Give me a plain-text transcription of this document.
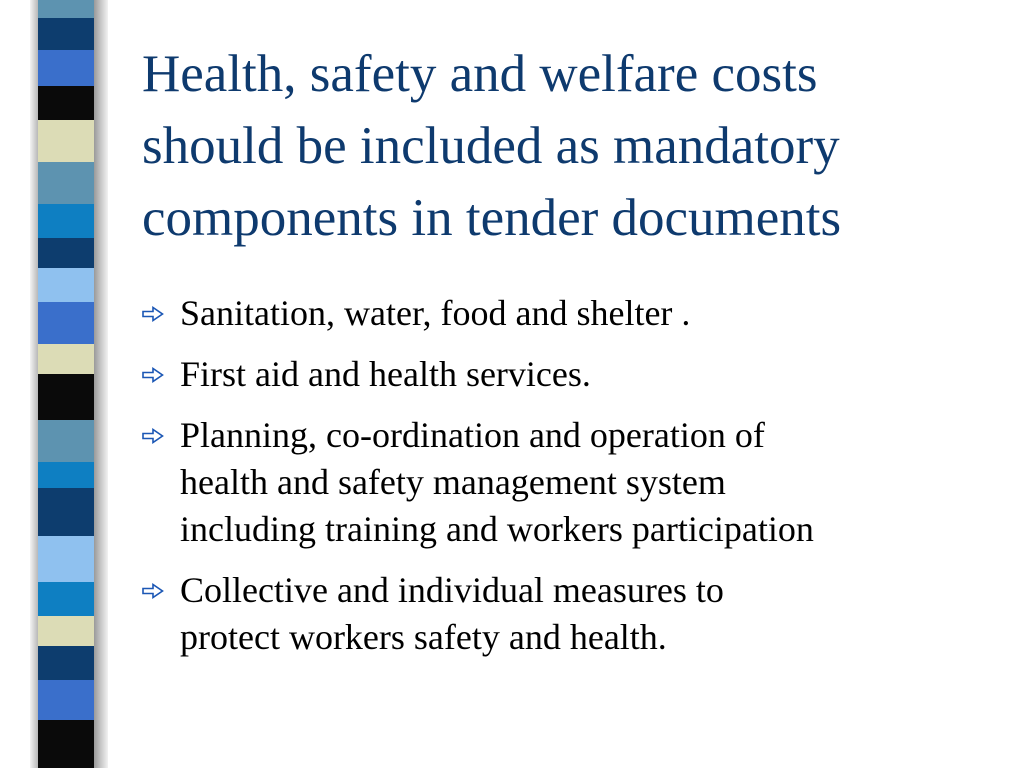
Health, safety and welfare costs
should be included as mandatory
components in tender documents
Sanitation, water, food and shelter .
First aid and health services.
Planning, co-ordination and operation of
health and safety management system
including training and workers participation
Collective and individual measures to
protect workers safety and health.
